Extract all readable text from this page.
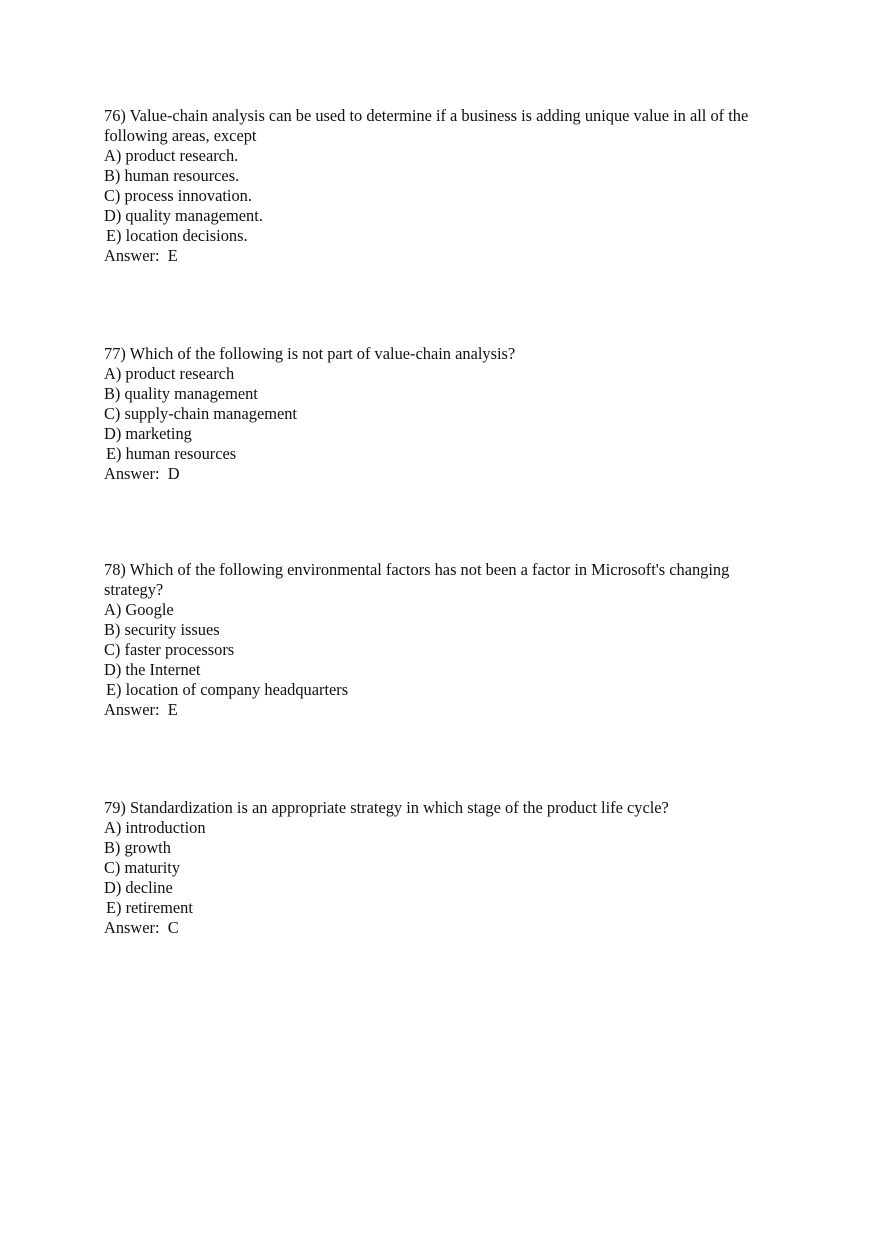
76) Value-chain analysis can be used to determine if a business is adding unique value in all of the following areas, except

A) product research.

B) human resources.

C) process innovation.

D) quality management.

E) location decisions.

Answer:  E

77) Which of the following is not part of value-chain analysis?

A) product research

B) quality management

C) supply-chain management

D) marketing

E) human resources

Answer:  D

78) Which of the following environmental factors has not been a factor in Microsoft's changing strategy?

A) Google

B) security issues

C) faster processors

D) the Internet

E) location of company headquarters

Answer:  E

79) Standardization is an appropriate strategy in which stage of the product life cycle?

A) introduction

B) growth

C) maturity

D) decline

E) retirement

Answer:  C
